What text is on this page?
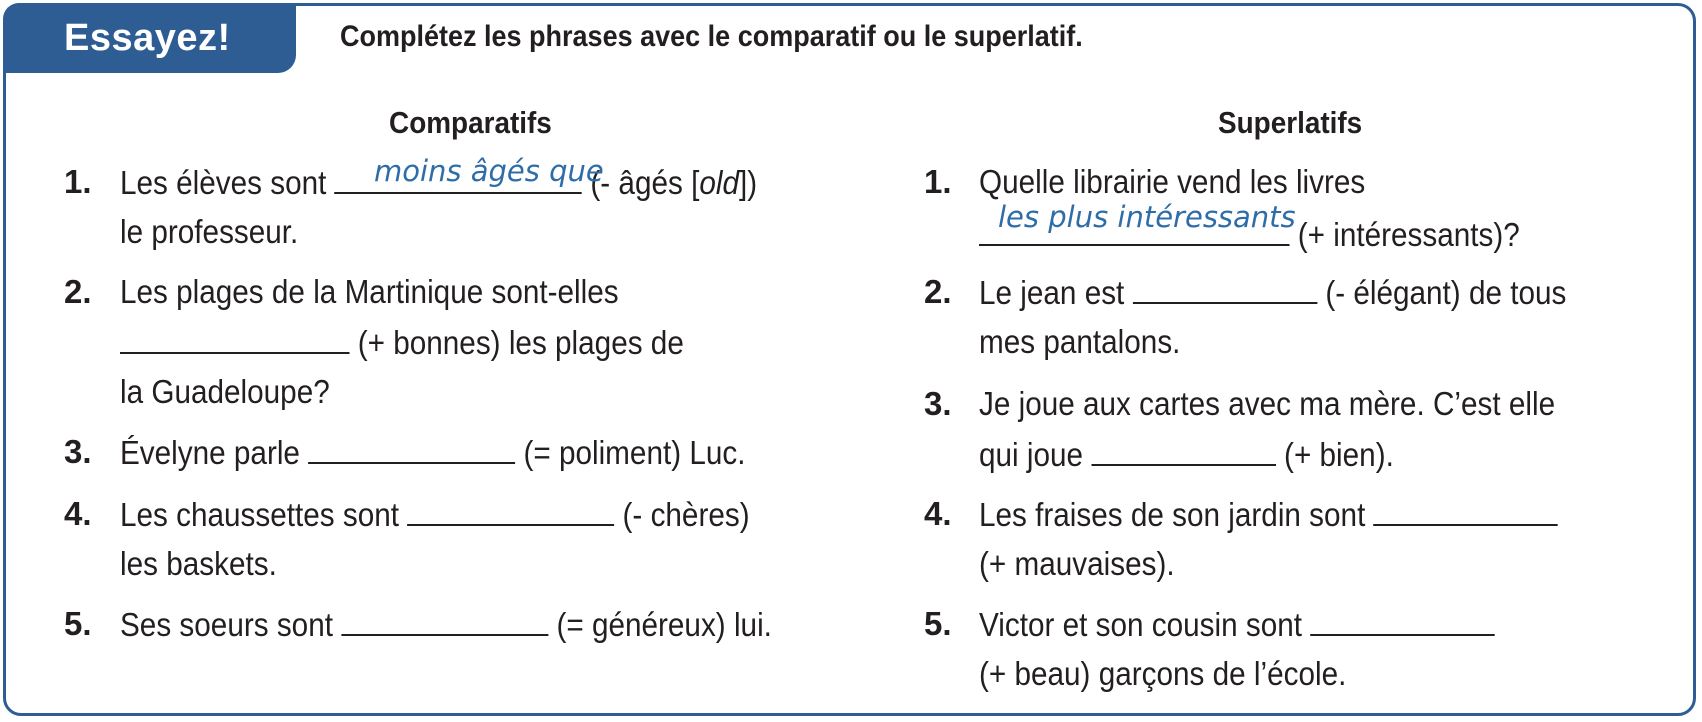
Essayez!	Complétez les phrases avec le comparatif ou le superlatif.
Comparatifs	Superlatifs
1. Les élèves sont	(- âgés [old])
moins âgés que
le professeur.
2. Les plages de la Martinique sont-elles
(+ bonnes) les plages de
la Guadeloupe?
3. Évelyne parle	(= poliment) Luc.
4. Les chaussettes sont	(- chères)
les baskets.
5. Ses soeurs sont	(= généreux) lui.
1. Quelle librairie vend les livres
(+ intéressants)?
les plus intéressants
2. Le jean est	(- élégant) de tous
mes pantalons.
3. Je joue aux cartes avec ma mère. C’est elle
qui joue	(+ bien).
4. Les fraises de son jardin sont
(+ mauvaises).
5. Victor et son cousin sont
(+ beau) garçons de l’école.
